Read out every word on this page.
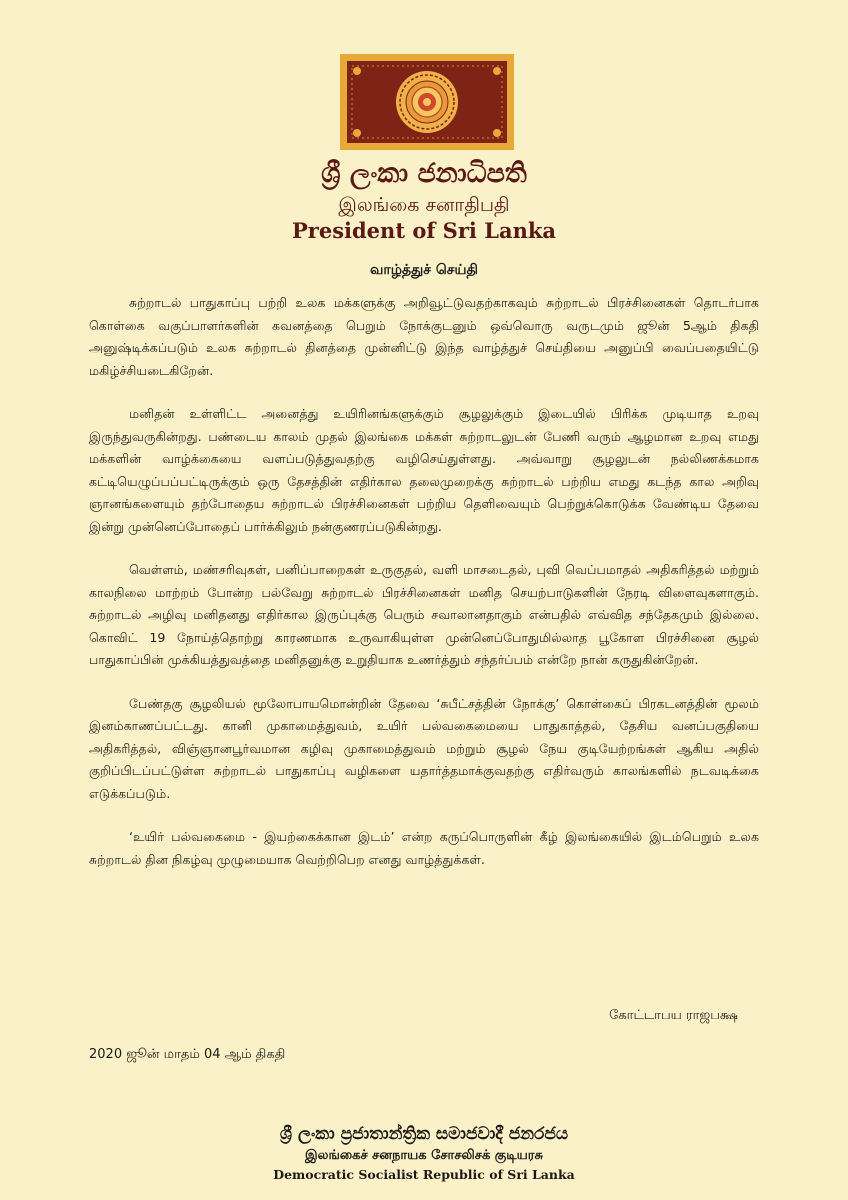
ශ්‍රී ලංකා ජනාධිපති
இலங்கை சனாதிபதி
President of Sri Lanka
வாழ்த்துச் செய்தி

சுற்றாடல் பாதுகாப்பு பற்றி உலக மக்களுக்கு அறிவூட்டுவதற்காகவும் சுற்றாடல் பிரச்சினைகள் தொடர்பாக கொள்கை வகுப்பாளர்களின் கவனத்தை பெறும் நோக்குடனும் ஒவ்வொரு வருடமும் ஜூன் 5ஆம் திகதி அனுஷ்டிக்கப்படும் உலக சுற்றாடல் தினத்தை முன்னிட்டு இந்த வாழ்த்துச் செய்தியை அனுப்பி வைப்பதையிட்டு மகிழ்ச்சியடைகிறேன்.

மனிதன் உள்ளிட்ட அனைத்து உயிரினங்களுக்கும் சூழலுக்கும் இடையில் பிரிக்க முடியாத உறவு இருந்துவருகின்றது. பண்டைய காலம் முதல் இலங்கை மக்கள் சுற்றாடலுடன் பேணி வரும் ஆழமான உறவு எமது மக்களின் வாழ்க்கையை வளப்படுத்துவதற்கு வழிசெய்துள்ளது. அவ்வாறு சூழலுடன் நல்லிணக்கமாக கட்டியெழுப்பப்பட்டிருக்கும் ஒரு தேசத்தின் எதிர்கால தலைமுறைக்கு சுற்றாடல் பற்றிய எமது கடந்த கால அறிவு ஞானங்களையும் தற்போதைய சுற்றாடல் பிரச்சினைகள் பற்றிய தெளிவையும் பெற்றுக்கொடுக்க வேண்டிய தேவை இன்று முன்னெப்போதைப் பார்க்கிலும் நன்குணரப்படுகின்றது.

வெள்ளம், மண்சரிவுகள், பனிப்பாறைகள் உருகுதல், வளி மாசடைதல், புவி வெப்பமாதல் அதிகரித்தல் மற்றும் காலநிலை மாற்றம் போன்ற பல்வேறு சுற்றாடல் பிரச்சினைகள் மனித செயற்பாடுகளின் நேரடி விளைவுகளாகும். சுற்றாடல் அழிவு மனிதனது எதிர்கால இருப்புக்கு பெரும் சவாலானதாகும் என்பதில் எவ்வித சந்தேகமும் இல்லை. கொவிட் 19 நோய்த்தொற்று காரணமாக உருவாகியுள்ள முன்னெப்போதுமில்லாத பூகோள பிரச்சினை சூழல் பாதுகாப்பின் முக்கியத்துவத்தை மனிதனுக்கு உறுதியாக உணர்த்தும் சந்தர்ப்பம் என்றே நான் கருதுகின்றேன்.

பேண்தகு சூழலியல் மூலோபாயமொன்றின் தேவை ‘சுபீட்சத்தின் நோக்கு’ கொள்கைப் பிரகடனத்தின் மூலம் இனம்காணப்பட்டது. கானி முகாமைத்துவம், உயிர் பல்வகைமையை பாதுகாத்தல், தேசிய வனப்பகுதியை அதிகரித்தல், விஞ்ஞானபூர்வமான கழிவு முகாமைத்துவம் மற்றும் சூழல் நேய குடியேற்றங்கள் ஆகிய அதில் குறிப்பிடப்பட்டுள்ள சுற்றாடல் பாதுகாப்பு வழிகளை யதார்த்தமாக்குவதற்கு எதிர்வரும் காலங்களில் நடவடிக்கை எடுக்கப்படும்.

‘உயிர் பல்வகைமை - இயற்கைக்கான இடம்’ என்ற கருப்பொருளின் கீழ் இலங்கையில் இடம்பெறும் உலக சுற்றாடல் தின நிகழ்வு முழுமையாக வெற்றிபெற எனது வாழ்த்துக்கள்.

கோட்டாபய ராஜபக்ஷ
2020 ஜூன் மாதம் 04 ஆம் திகதி
ශ්‍රී ලංකා ප්‍රජාතාන්ත්‍රික සමාජවාදී ජනරජය
இலங்கைச் சனநாயக சோசலிசக் குடியரசு
Democratic Socialist Republic of Sri Lanka
